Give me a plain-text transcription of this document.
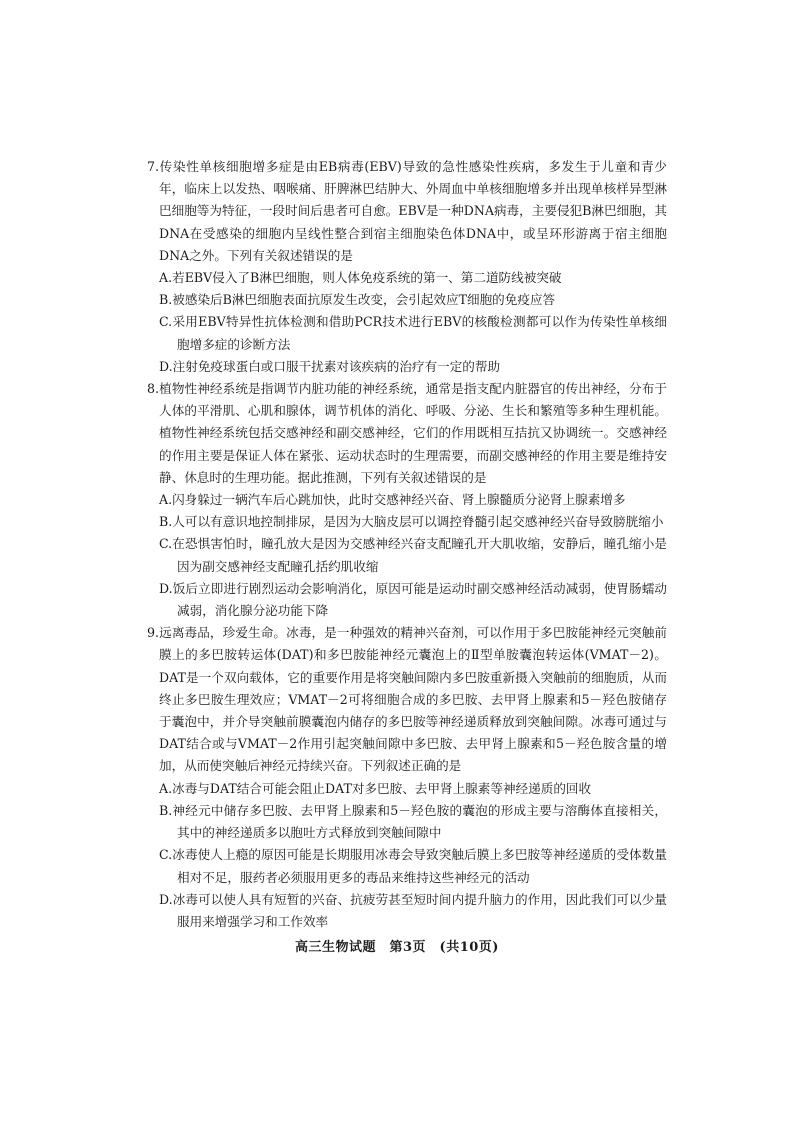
7.传染性单核细胞增多症是由EB病毒(EBV)导致的急性感染性疾病，多发生于儿童和青少年，临床上以发热、咽喉痛、肝脾淋巴结肿大、外周血中单核细胞增多并出现单核样异型淋巴细胞等为特征，一段时间后患者可自愈。EBV是一种DNA病毒，主要侵犯B淋巴细胞，其DNA在受感染的细胞内呈线性整合到宿主细胞染色体DNA中，或呈环形游离于宿主细胞DNA之外。下列有关叙述错误的是

A.若EBV侵入了B淋巴细胞，则人体免疫系统的第一、第二道防线被突破

B.被感染后B淋巴细胞表面抗原发生改变，会引起效应T细胞的免疫应答

C.采用EBV特异性抗体检测和借助PCR技术进行EBV的核酸检测都可以作为传染性单核细胞增多症的诊断方法

D.注射免疫球蛋白或口服干扰素对该疾病的治疗有一定的帮助

8.植物性神经系统是指调节内脏功能的神经系统，通常是指支配内脏器官的传出神经，分布于人体的平滑肌、心肌和腺体，调节机体的消化、呼吸、分泌、生长和繁殖等多种生理机能。植物性神经系统包括交感神经和副交感神经，它们的作用既相互拮抗又协调统一。交感神经的作用主要是保证人体在紧张、运动状态时的生理需要，而副交感神经的作用主要是维持安静、休息时的生理功能。据此推测，下列有关叙述错误的是

A.闪身躲过一辆汽车后心跳加快，此时交感神经兴奋、肾上腺髓质分泌肾上腺素增多

B.人可以有意识地控制排尿，是因为大脑皮层可以调控脊髓引起交感神经兴奋导致膀胱缩小

C.在恐惧害怕时，瞳孔放大是因为交感神经兴奋支配瞳孔开大肌收缩，安静后，瞳孔缩小是因为副交感神经支配瞳孔括约肌收缩

D.饭后立即进行剧烈运动会影响消化，原因可能是运动时副交感神经活动减弱，使胃肠蠕动减弱，消化腺分泌功能下降

9.远离毒品，珍爱生命。冰毒，是一种强效的精神兴奋剂，可以作用于多巴胺能神经元突触前膜上的多巴胺转运体(DAT)和多巴胺能神经元囊泡上的Ⅱ型单胺囊泡转运体(VMAT－2)。DAT是一个双向载体，它的重要作用是将突触间隙内多巴胺重新摄入突触前的细胞质，从而终止多巴胺生理效应；VMAT－2可将细胞合成的多巴胺、去甲肾上腺素和5－羟色胺储存于囊泡中，并介导突触前膜囊泡内储存的多巴胺等神经递质释放到突触间隙。冰毒可通过与DAT结合或与VMAT－2作用引起突触间隙中多巴胺、去甲肾上腺素和5－羟色胺含量的增加，从而使突触后神经元持续兴奋。下列叙述正确的是

A.冰毒与DAT结合可能会阻止DAT对多巴胺、去甲肾上腺素等神经递质的回收

B.神经元中储存多巴胺、去甲肾上腺素和5－羟色胺的囊泡的形成主要与溶酶体直接相关，其中的神经递质多以胞吐方式释放到突触间隙中

C.冰毒使人上瘾的原因可能是长期服用冰毒会导致突触后膜上多巴胺等神经递质的受体数量相对不足，服药者必须服用更多的毒品来维持这些神经元的活动

D.冰毒可以使人具有短暂的兴奋、抗疲劳甚至短时间内提升脑力的作用，因此我们可以少量服用来增强学习和工作效率

高三生物试题　第3页　(共10页)
